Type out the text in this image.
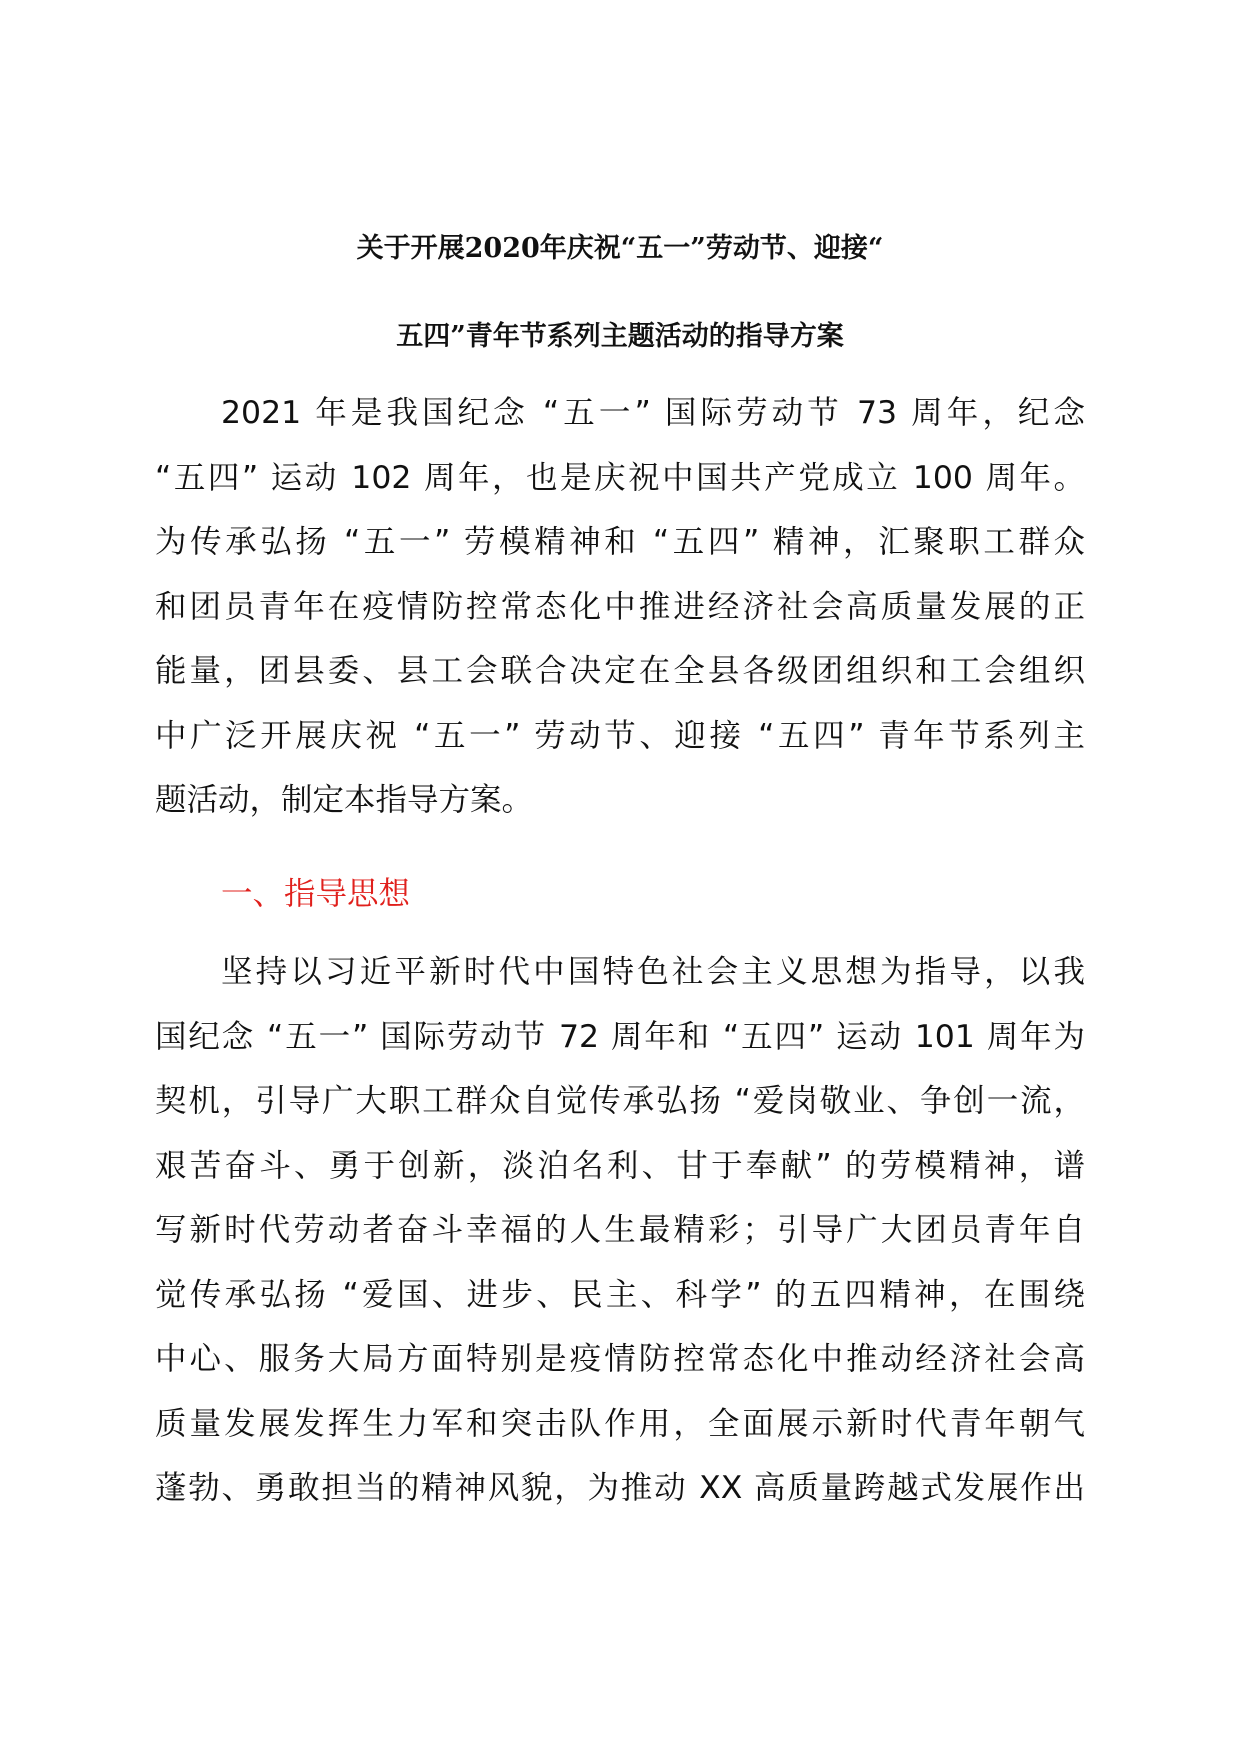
关于开展2020年庆祝“五一”劳动节、迎接“
五四”青年节系列主题活动的指导方案
2021 年是我国纪念 “五一” 国际劳动节 73 周年，纪念
“五四” 运动 102 周年，也是庆祝中国共产党成立 100 周年。
为传承弘扬 “五一” 劳模精神和 “五四” 精神，汇聚职工群众
和团员青年在疫情防控常态化中推进经济社会高质量发展的正
能量，团县委、县工会联合决定在全县各级团组织和工会组织
中广泛开展庆祝 “五一” 劳动节、迎接 “五四” 青年节系列主
题活动，制定本指导方案。
一、指导思想
坚持以习近平新时代中国特色社会主义思想为指导，以我
国纪念 “五一” 国际劳动节 72 周年和 “五四” 运动 101 周年为
契机，引导广大职工群众自觉传承弘扬 “爱岗敬业、争创一流，
艰苦奋斗、勇于创新，淡泊名利、甘于奉献” 的劳模精神，谱
写新时代劳动者奋斗幸福的人生最精彩；引导广大团员青年自
觉传承弘扬 “爱国、进步、民主、科学” 的五四精神，在围绕
中心、服务大局方面特别是疫情防控常态化中推动经济社会高
质量发展发挥生力军和突击队作用，全面展示新时代青年朝气
蓬勃、勇敢担当的精神风貌，为推动 XX 高质量跨越式发展作出
